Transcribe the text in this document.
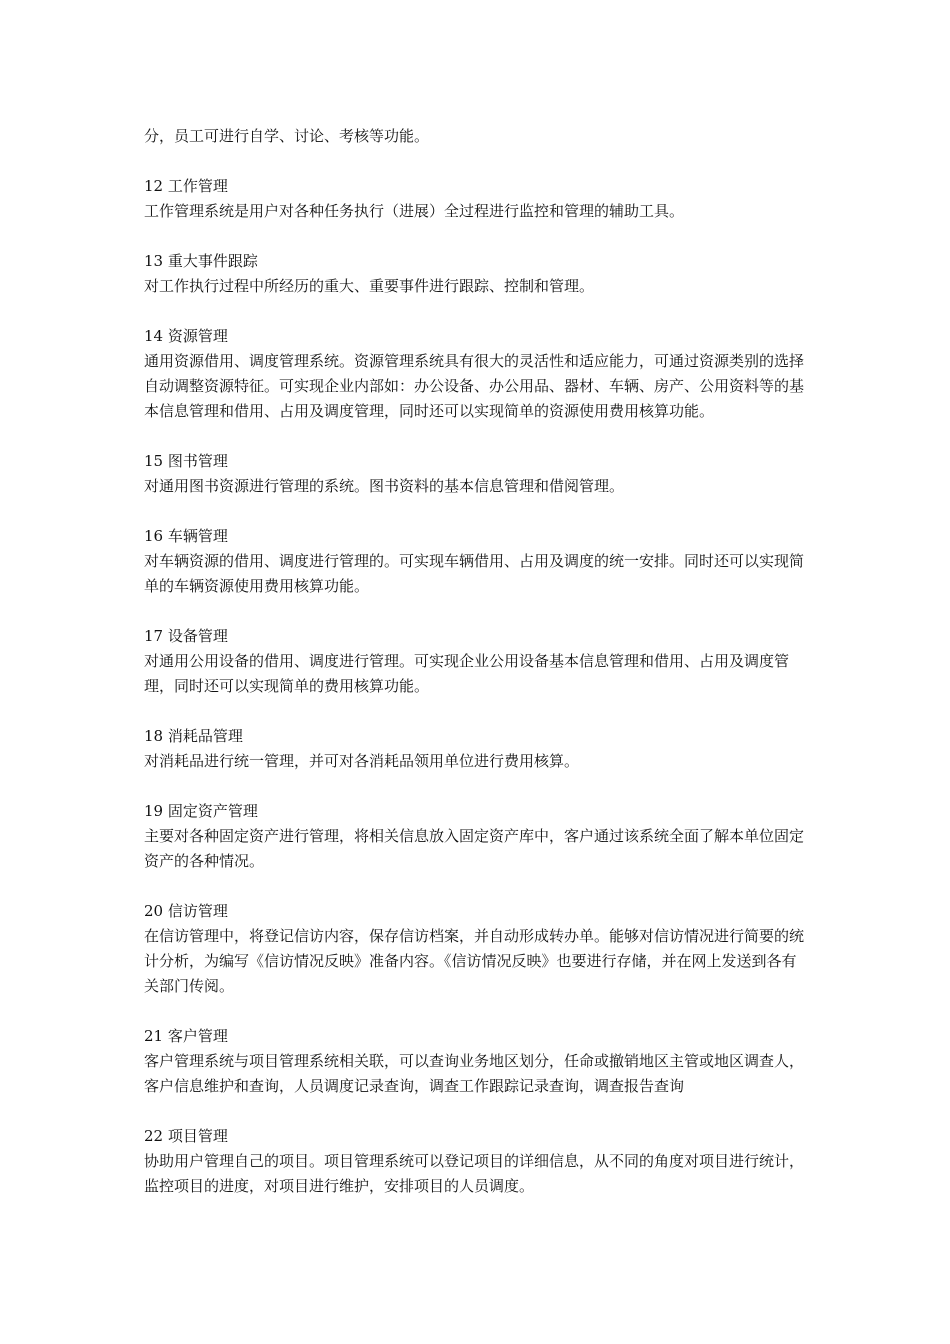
分，员工可进行自学、讨论、考核等功能。

12 工作管理

工作管理系统是用户对各种任务执行（进展）全过程进行监控和管理的辅助工具。

13 重大事件跟踪

对工作执行过程中所经历的重大、重要事件进行跟踪、控制和管理。

14 资源管理

通用资源借用、调度管理系统。资源管理系统具有很大的灵活性和适应能力，可通过资源类别的选择自动调整资源特征。可实现企业内部如：办公设备、办公用品、器材、车辆、房产、公用资料等的基本信息管理和借用、占用及调度管理，同时还可以实现简单的资源使用费用核算功能。

15 图书管理

对通用图书资源进行管理的系统。图书资料的基本信息管理和借阅管理。

16 车辆管理

对车辆资源的借用、调度进行管理的。可实现车辆借用、占用及调度的统一安排。同时还可以实现简单的车辆资源使用费用核算功能。

17 设备管理

对通用公用设备的借用、调度进行管理。可实现企业公用设备基本信息管理和借用、占用及调度管理，同时还可以实现简单的费用核算功能。

18 消耗品管理

对消耗品进行统一管理，并可对各消耗品领用单位进行费用核算。

19 固定资产管理

主要对各种固定资产进行管理，将相关信息放入固定资产库中，客户通过该系统全面了解本单位固定资产的各种情况。

20 信访管理

在信访管理中，将登记信访内容，保存信访档案，并自动形成转办单。能够对信访情况进行简要的统计分析，为编写《信访情况反映》准备内容。《信访情况反映》也要进行存储，并在网上发送到各有关部门传阅。

21 客户管理

客户管理系统与项目管理系统相关联，可以查询业务地区划分，任命或撤销地区主管或地区调查人，客户信息维护和查询，人员调度记录查询，调查工作跟踪记录查询，调查报告查询

22 项目管理

协助用户管理自己的项目。项目管理系统可以登记项目的详细信息，从不同的角度对项目进行统计，监控项目的进度，对项目进行维护，安排项目的人员调度。
